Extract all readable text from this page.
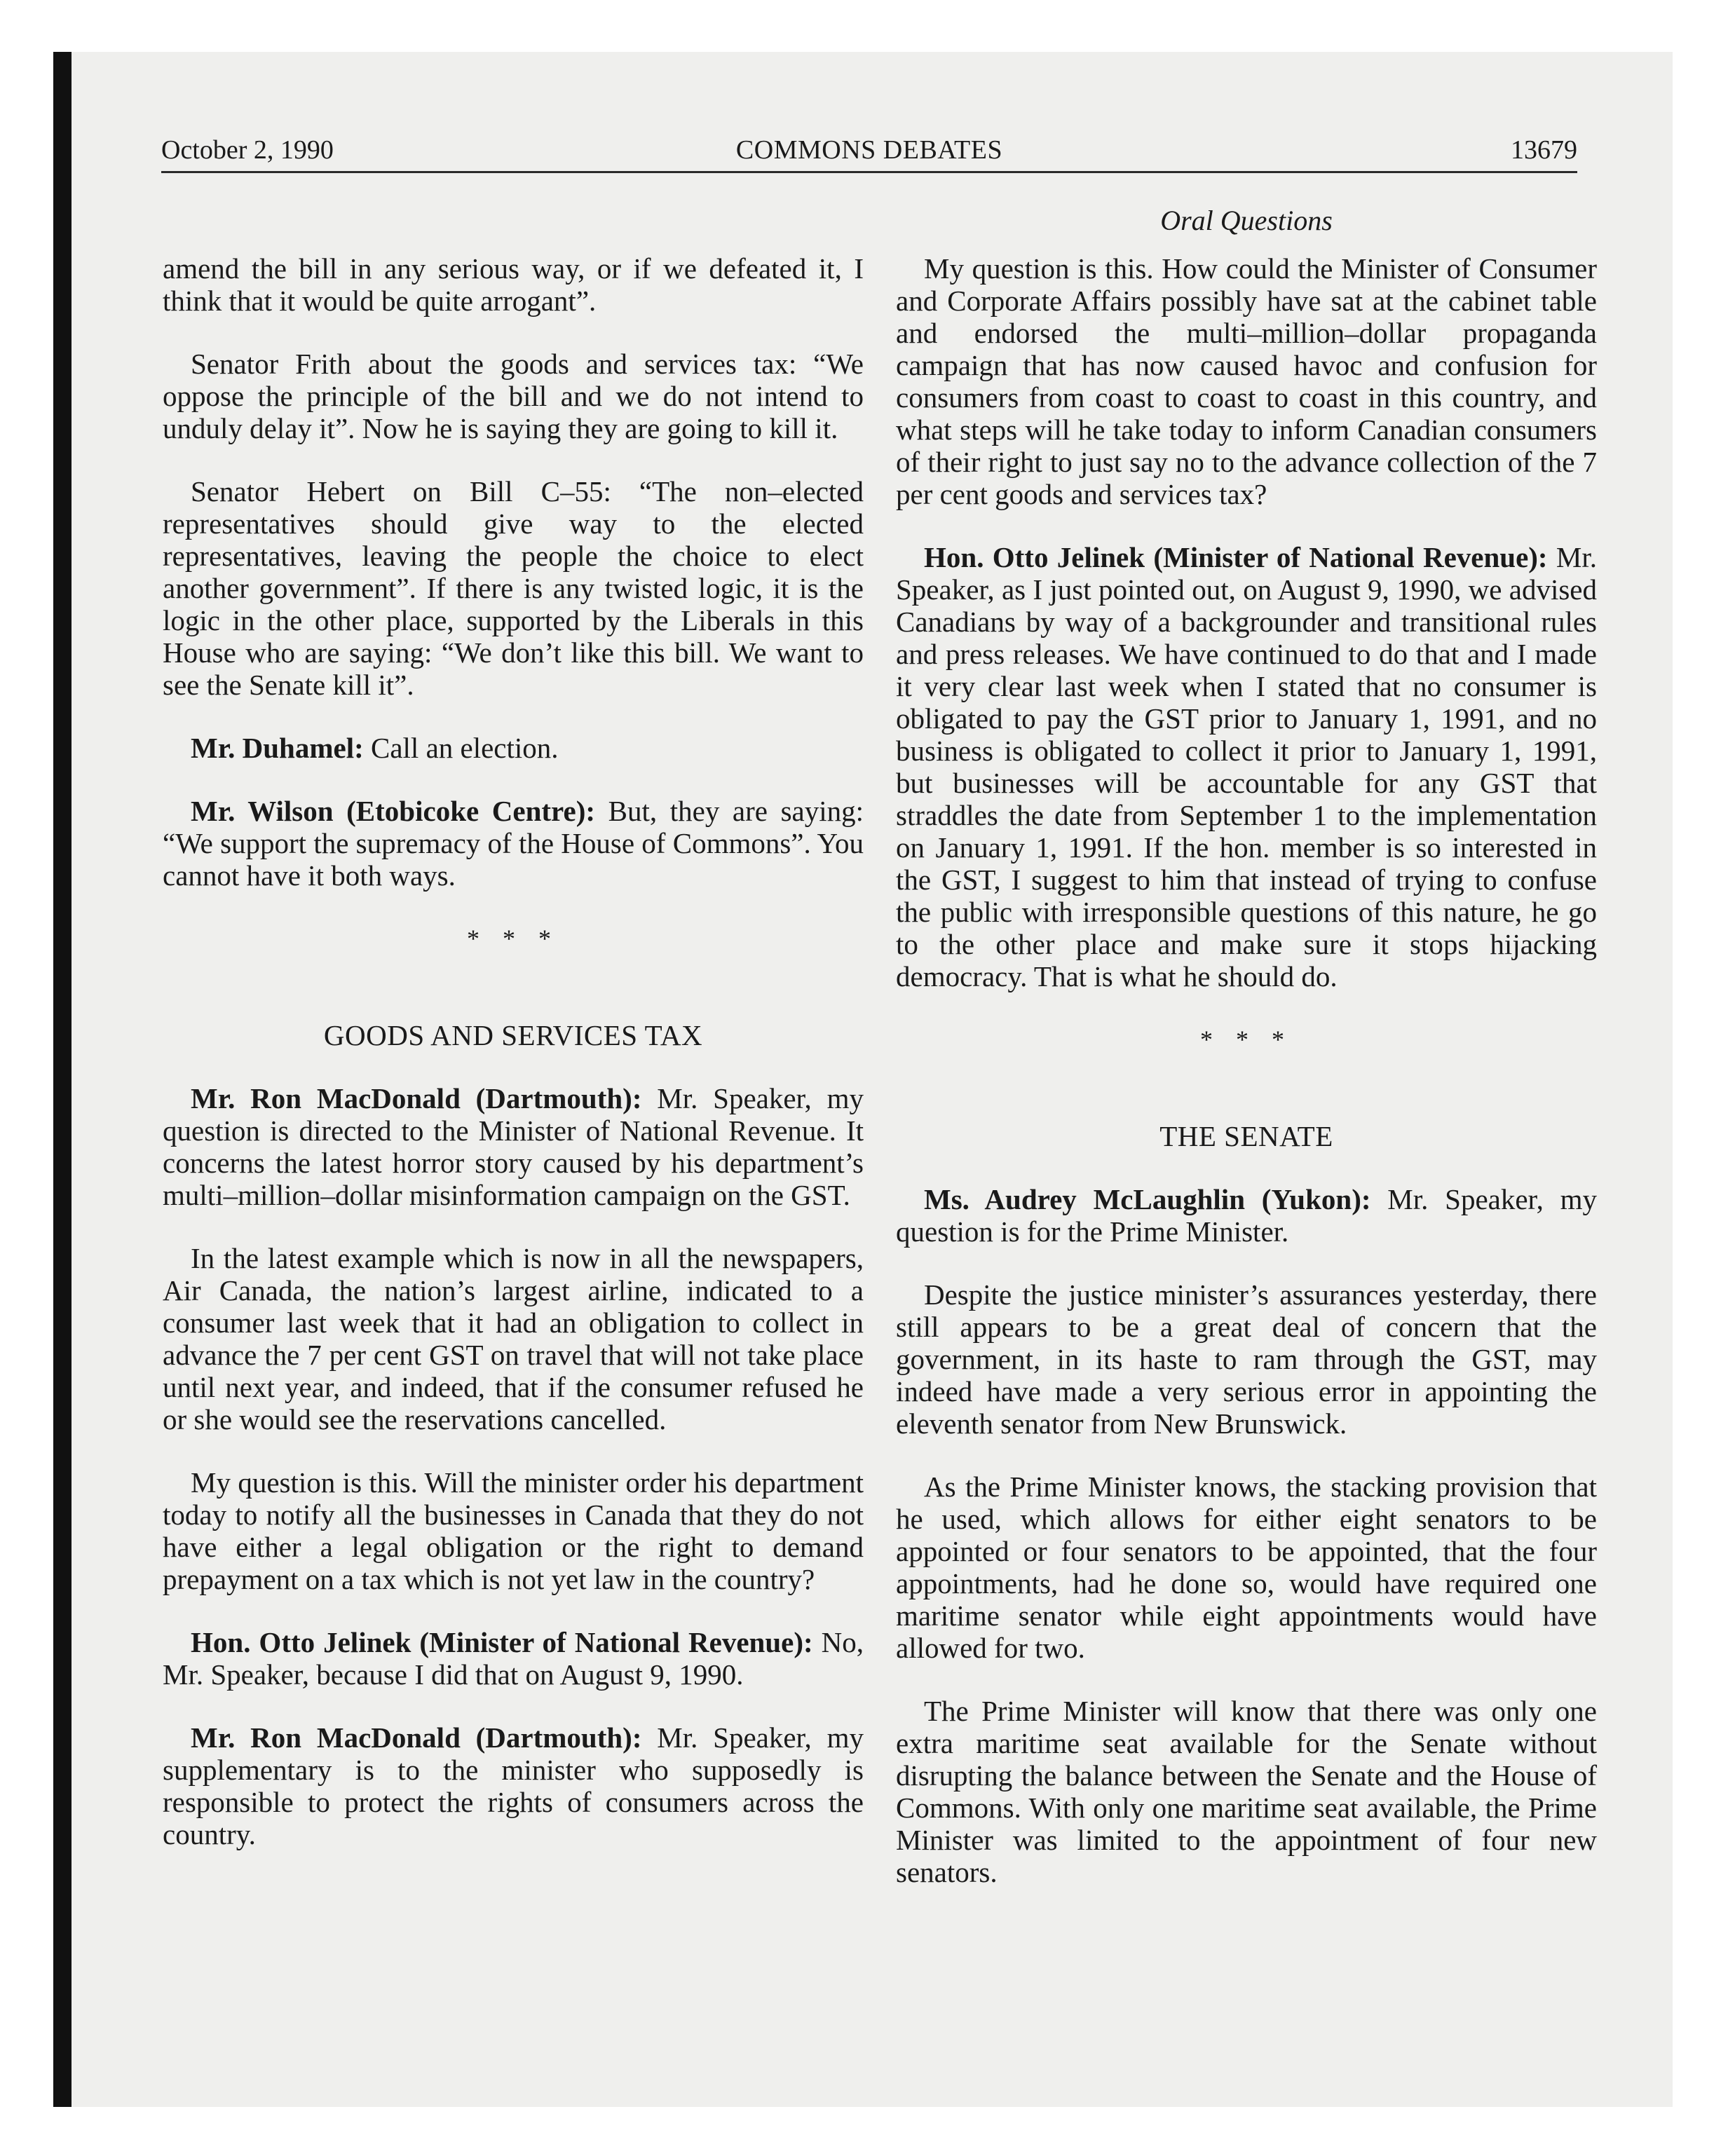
October 2, 1990	COMMONS DEBATES	13679

amend the bill in any serious way, or if we defeated it, I think that it would be quite arrogant”.

Senator Frith about the goods and services tax: “We oppose the principle of the bill and we do not intend to unduly delay it”. Now he is saying they are going to kill it.

Senator Hebert on Bill C–55: “The non–elected representatives should give way to the elected representatives, leaving the people the choice to elect another government”. If there is any twisted logic, it is the logic in the other place, supported by the Liberals in this House who are saying: “We don’t like this bill. We want to see the Senate kill it”.

Mr. Duhamel: Call an election.

Mr. Wilson (Etobicoke Centre): But, they are saying: “We support the supremacy of the House of Commons”. You cannot have it both ways.

* * *
GOODS AND SERVICES TAX

Mr. Ron MacDonald (Dartmouth): Mr. Speaker, my question is directed to the Minister of National Revenue. It concerns the latest horror story caused by his department’s multi–million–dollar misinformation campaign on the GST.

In the latest example which is now in all the newspapers, Air Canada, the nation’s largest airline, indicated to a consumer last week that it had an obligation to collect in advance the 7 per cent GST on travel that will not take place until next year, and indeed, that if the consumer refused he or she would see the reservations cancelled.

My question is this. Will the minister order his department today to notify all the businesses in Canada that they do not have either a legal obligation or the right to demand prepayment on a tax which is not yet law in the country?

Hon. Otto Jelinek (Minister of National Revenue): No, Mr. Speaker, because I did that on August 9, 1990.

Mr. Ron MacDonald (Dartmouth): Mr. Speaker, my supplementary is to the minister who supposedly is responsible to protect the rights of consumers across the country.

Oral Questions

My question is this. How could the Minister of Consumer and Corporate Affairs possibly have sat at the cabinet table and endorsed the multi–million–dollar propaganda campaign that has now caused havoc and confusion for consumers from coast to coast to coast in this country, and what steps will he take today to inform Canadian consumers of their right to just say no to the advance collection of the 7 per cent goods and services tax?

Hon. Otto Jelinek (Minister of National Revenue): Mr. Speaker, as I just pointed out, on August 9, 1990, we advised Canadians by way of a backgrounder and transitional rules and press releases. We have continued to do that and I made it very clear last week when I stated that no consumer is obligated to pay the GST prior to January 1, 1991, and no business is obligated to collect it prior to January 1, 1991, but businesses will be accountable for any GST that straddles the date from September 1 to the implementation on January 1, 1991. If the hon. member is so interested in the GST, I suggest to him that instead of trying to confuse the public with irresponsible questions of this nature, he go to the other place and make sure it stops hijacking democracy. That is what he should do.

* * *
THE SENATE

Ms. Audrey McLaughlin (Yukon): Mr. Speaker, my question is for the Prime Minister.

Despite the justice minister’s assurances yesterday, there still appears to be a great deal of concern that the government, in its haste to ram through the GST, may indeed have made a very serious error in appointing the eleventh senator from New Brunswick.

As the Prime Minister knows, the stacking provision that he used, which allows for either eight senators to be appointed or four senators to be appointed, that the four appointments, had he done so, would have required one maritime senator while eight appointments would have allowed for two.

The Prime Minister will know that there was only one extra maritime seat available for the Senate without disrupting the balance between the Senate and the House of Commons. With only one maritime seat available, the Prime Minister was limited to the appointment of four new senators.
